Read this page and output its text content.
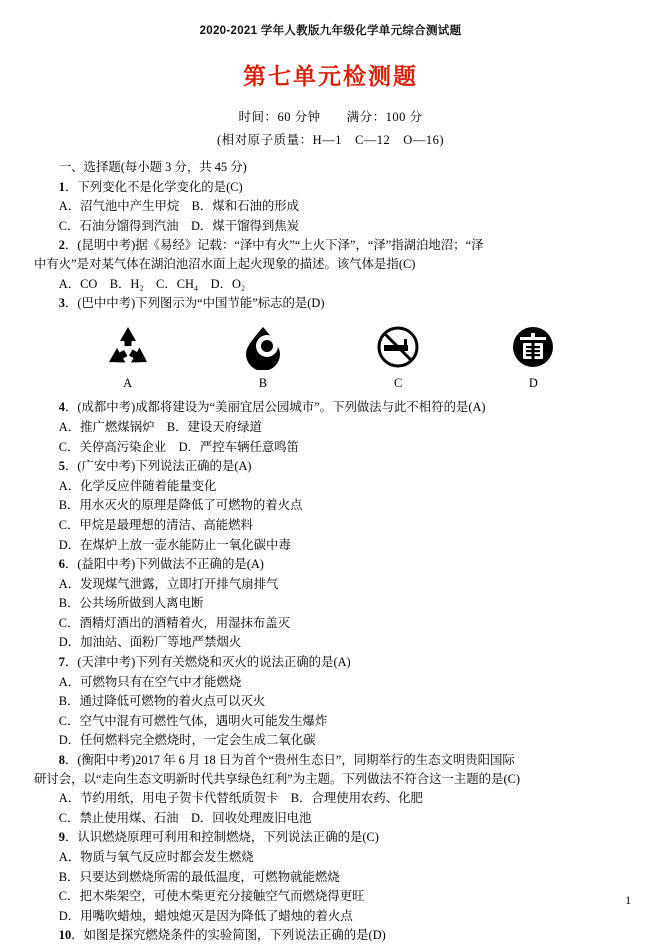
2020-2021 学年人教版九年级化学单元综合测试题
第七单元检测题
时间：60 分钟　　满分：100 分
(相对原子质量：H—1　C—12　O—16)
一、选择题(每小题 3 分，共 45 分)
1．下列变化不是化学变化的是(C)
A．沼气池中产生甲烷　B．煤和石油的形成
C．石油分馏得到汽油　D．煤干馏得到焦炭
2．(昆明中考)据《易经》记载：“泽中有火”“上火下泽”，“泽”指湖泊地沼；“泽
中有火”是对某气体在湖泊池沼水面上起火现象的描述。该气体是指(C)
A．CO　B．H₂　C．CH₄　D．O₂
3．(巴中中考)下列图示为“中国节能”标志的是(D)
A	B	C	D
4．(成都中考)成都将建设为“美丽宜居公园城市”。下列做法与此不相符的是(A)
A．推广燃煤锅炉　B．建设天府绿道
C．关停高污染企业　D．严控车辆任意鸣笛
5．(广安中考)下列说法正确的是(A)
A．化学反应伴随着能量变化
B．用水灭火的原理是降低了可燃物的着火点
C．甲烷是最理想的清洁、高能燃料
D．在煤炉上放一壶水能防止一氧化碳中毒
6．(益阳中考)下列做法不正确的是(A)
A．发现煤气泄露，立即打开排气扇排气
B．公共场所做到人离电断
C．酒精灯酒出的酒精着火，用湿抹布盖灭
D．加油站、面粉厂等地严禁烟火
7．(天津中考)下列有关燃烧和灭火的说法正确的是(A)
A．可燃物只有在空气中才能燃烧
B．通过降低可燃物的着火点可以灭火
C．空气中混有可燃性气体，遇明火可能发生爆炸
D．任何燃料完全燃烧时，一定会生成二氧化碳
8．(衡阳中考)2017 年 6 月 18 日为首个“贵州生态日”，同期举行的生态文明贵阳国际
研讨会，以“走向生态文明新时代共享绿色红利”为主题。下列做法不符合这一主题的是(C)
A．节约用纸，用电子贺卡代替纸质贺卡　B．合理使用农药、化肥
C．禁止使用煤、石油　D．回收处理废旧电池
9．认识燃烧原理可利用和控制燃烧，下列说法正确的是(C)
A．物质与氧气反应时都会发生燃烧
B．只要达到燃烧所需的最低温度，可燃物就能燃烧
C．把木柴架空，可使木柴更充分接触空气而燃烧得更旺
D．用嘴吹蜡烛，蜡烛熄灭是因为降低了蜡烛的着火点
10．如图是探究燃烧条件的实验简图，下列说法正确的是(D)
1
